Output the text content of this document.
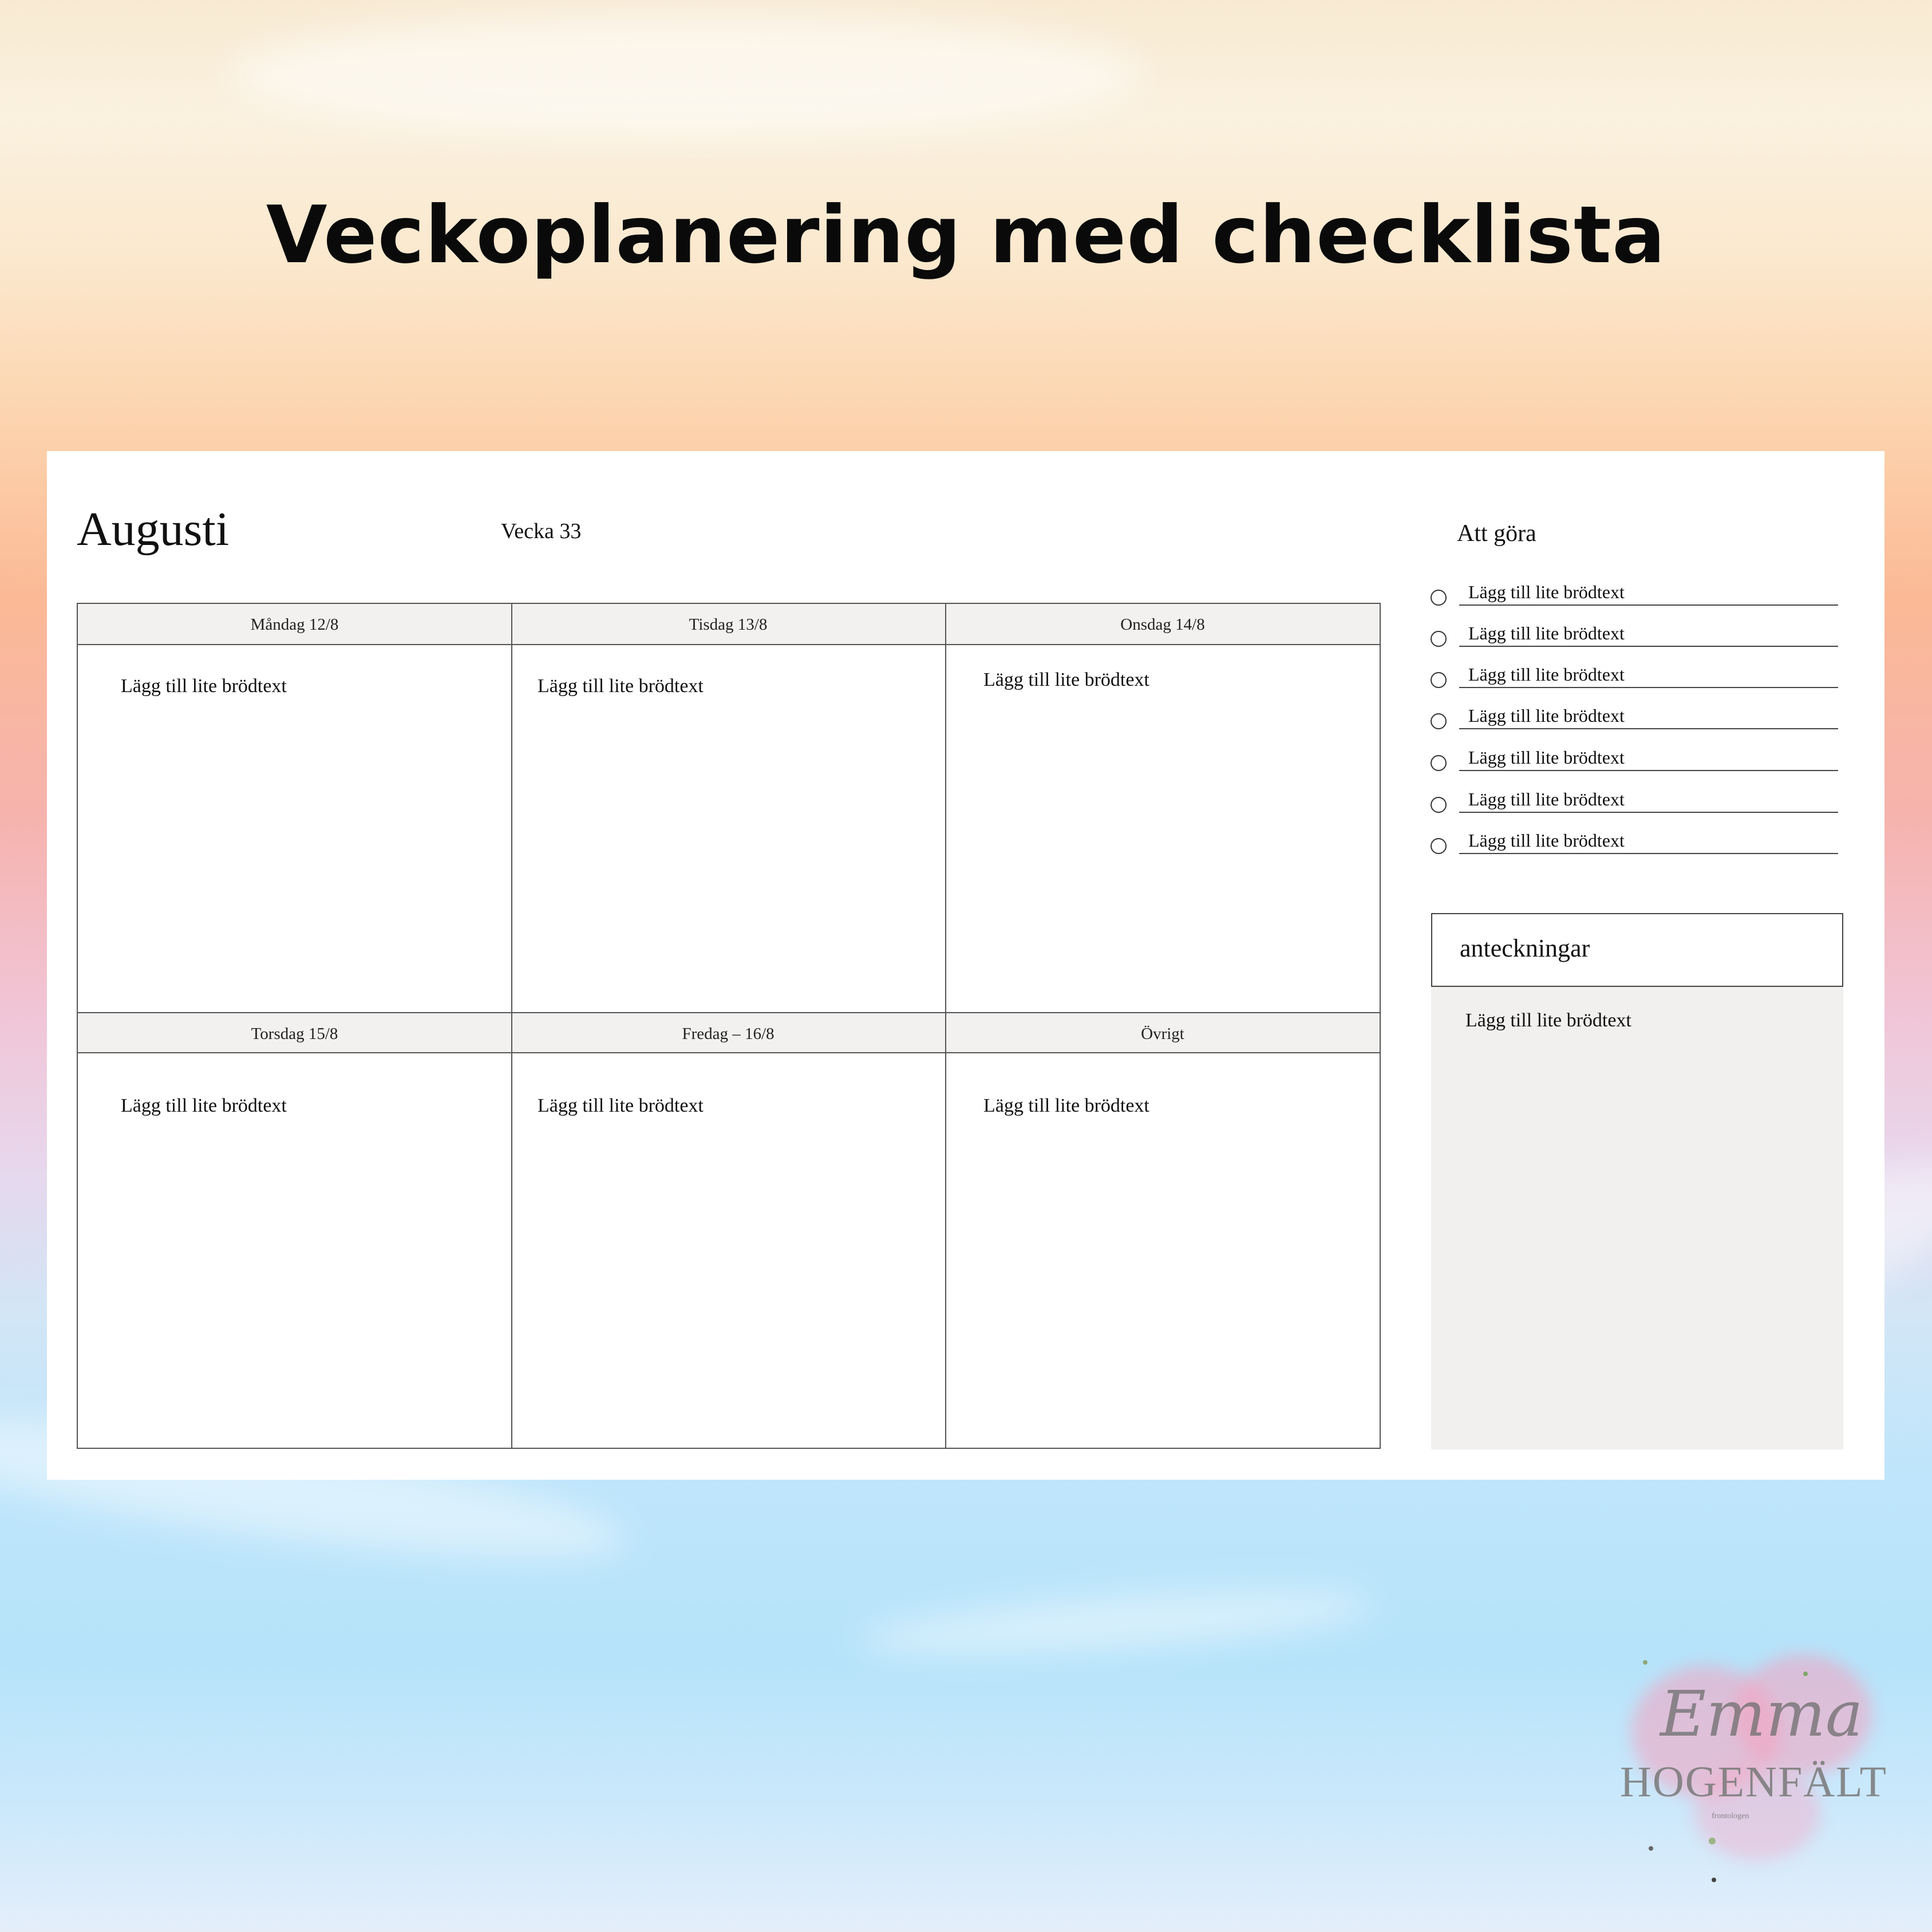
Veckoplanering med checklista
Augusti	Vecka 33
Måndag 12/8	Tisdag 13/8	Onsdag 14/8
Lägg till lite brödtext	Lägg till lite brödtext	Lägg till lite brödtext
Torsdag 15/8	Fredag – 16/8	Övrigt
Lägg till lite brödtext	Lägg till lite brödtext	Lägg till lite brödtext
Att göra
Lägg till lite brödtext
Lägg till lite brödtext
Lägg till lite brödtext
Lägg till lite brödtext
Lägg till lite brödtext
Lägg till lite brödtext
Lägg till lite brödtext
anteckningar
Lägg till lite brödtext
Emma
HOGENFÄLT
frontologen
